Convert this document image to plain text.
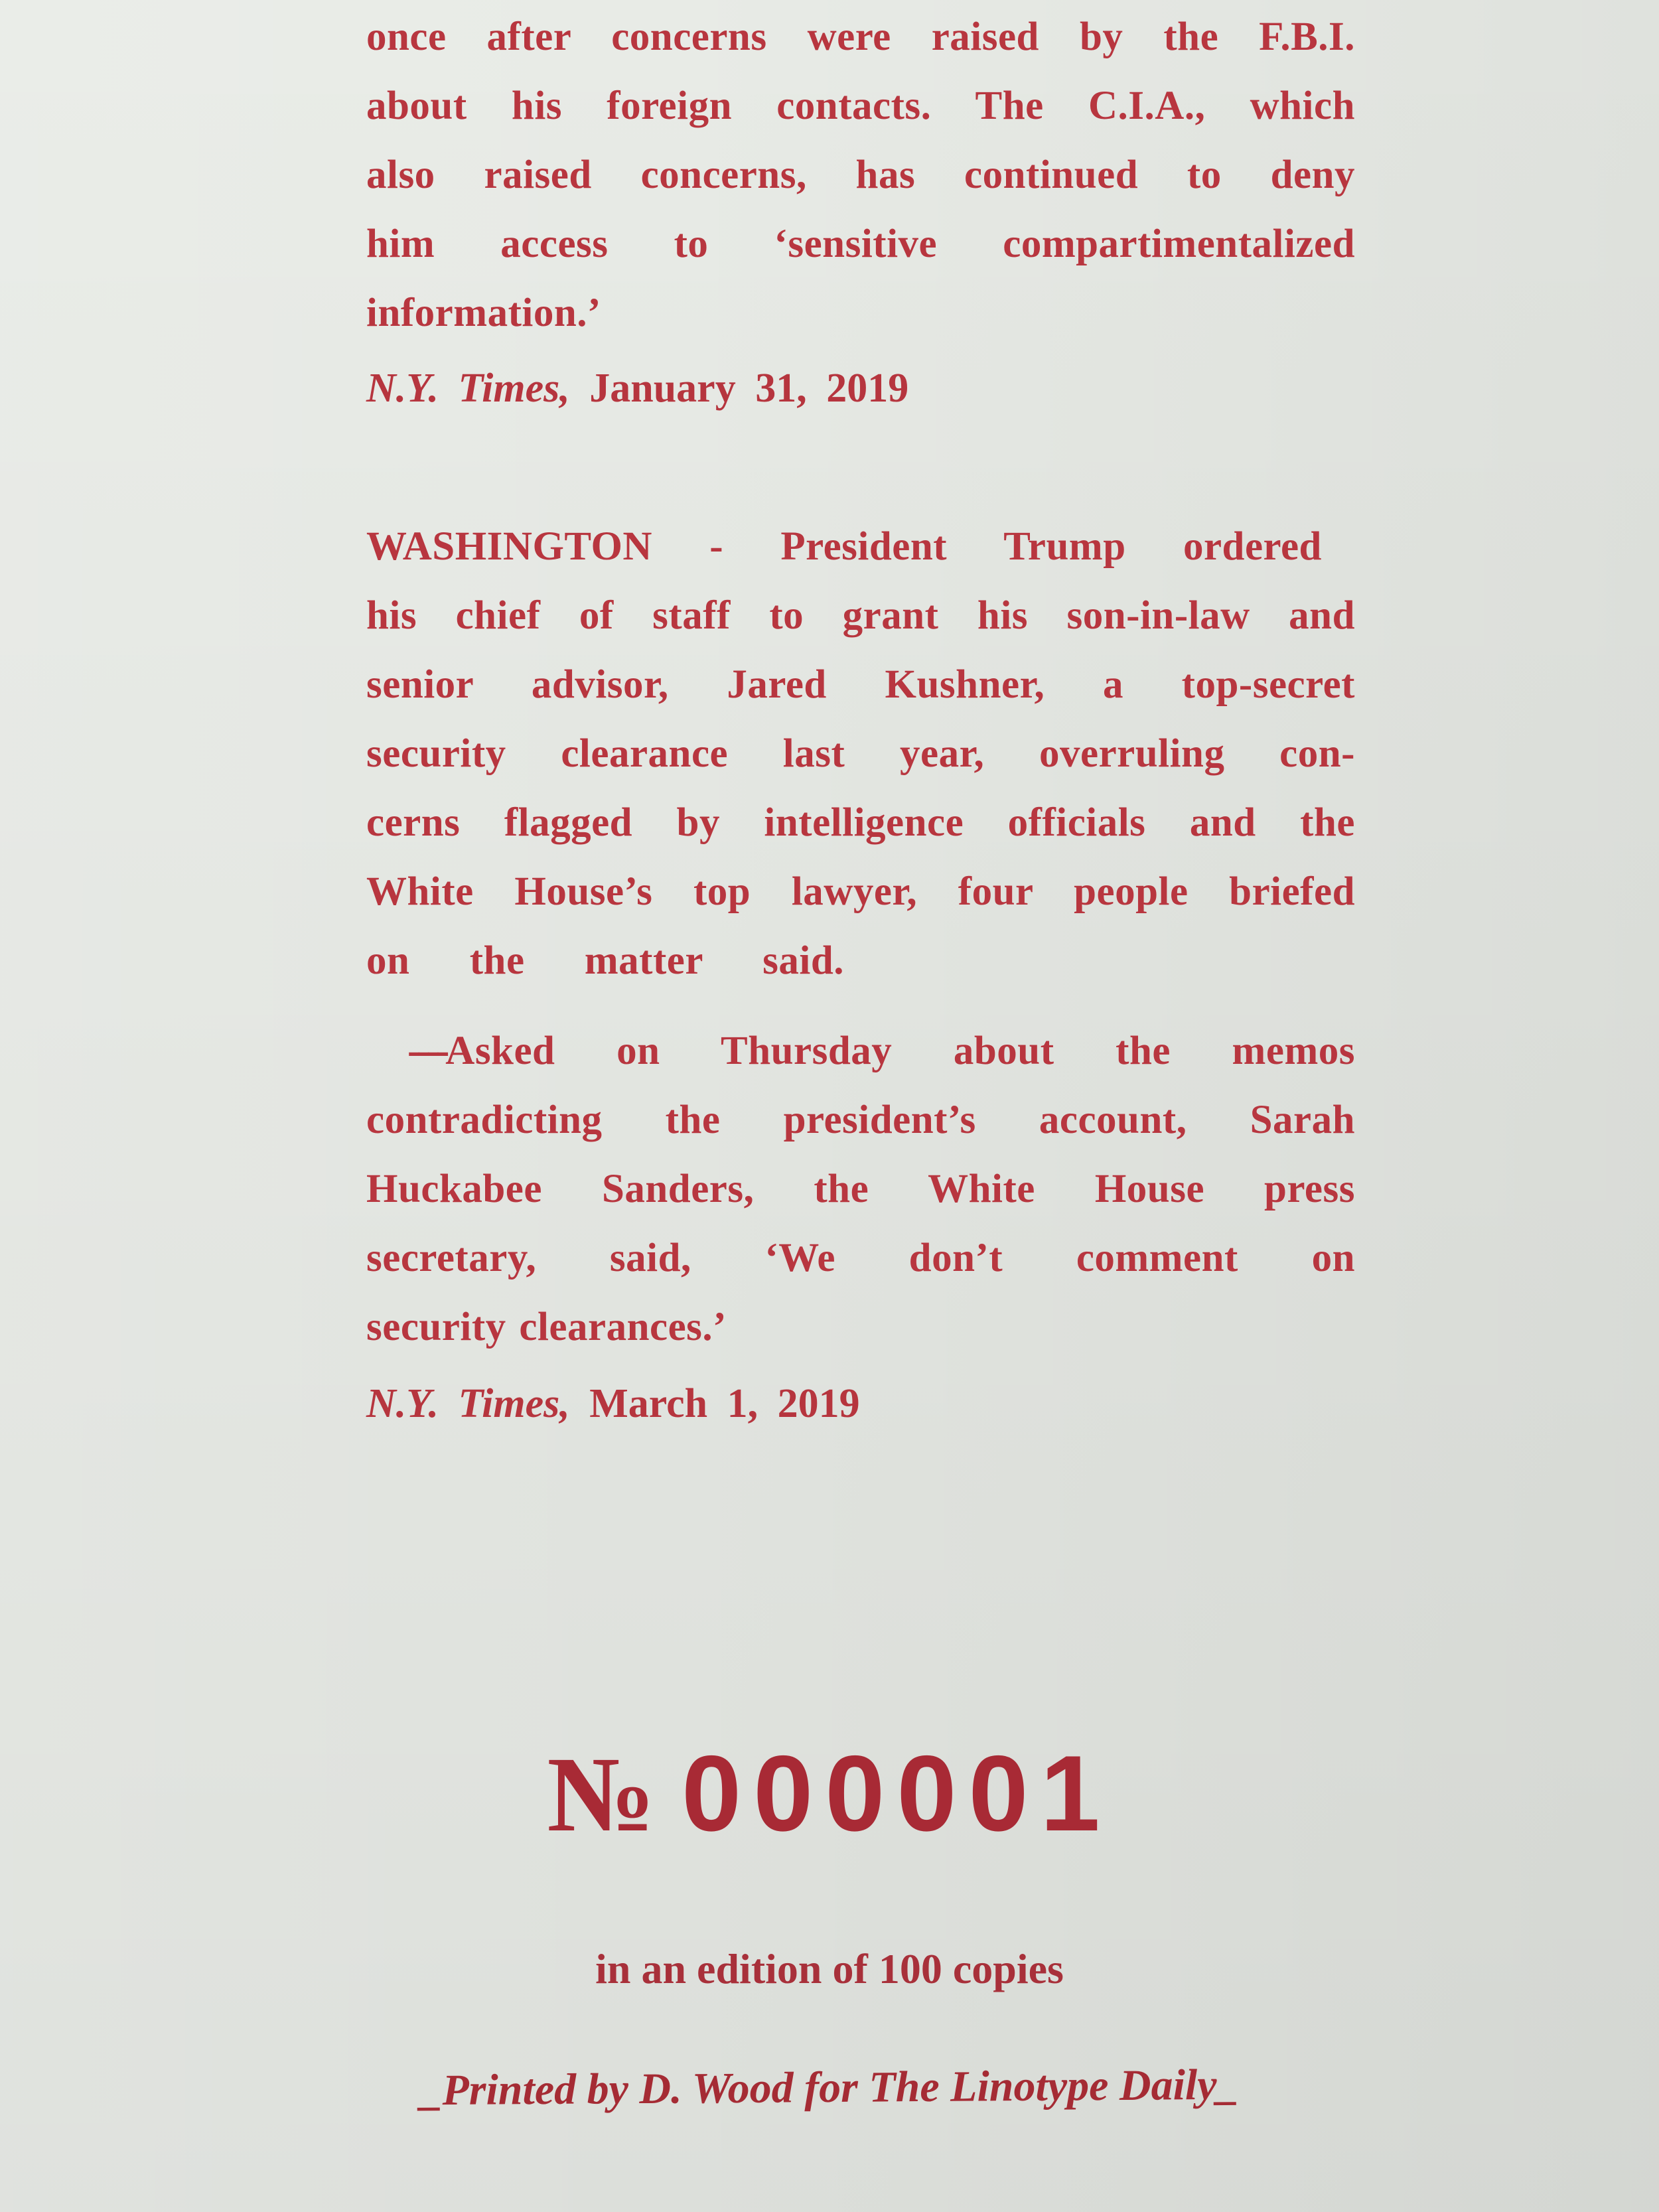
once after concerns were raised by the F.B.I.

about his foreign contacts. The C.I.A., which

also raised concerns, has continued to deny

him access to ‘sensitive compartimentalized

information.’

N.Y. Times, January 31, 2019

WASHINGTON - President Trump ordered

his chief of staff to grant his son-in-law and

senior advisor, Jared Kushner, a top-secret

security clearance last year, overruling con-

cerns flagged by intelligence officials and the

White House’s top lawyer, four people briefed

on the matter said.

----Asked on Thursday about the memos

contradicting the president’s account, Sarah

Huckabee Sanders, the White House press

secretary, said, ‘We don’t comment on

security clearances.’

N.Y. Times, March 1, 2019

№ 000001
in an edition of 100 copies
_Printed by D. Wood for The Linotype Daily_
